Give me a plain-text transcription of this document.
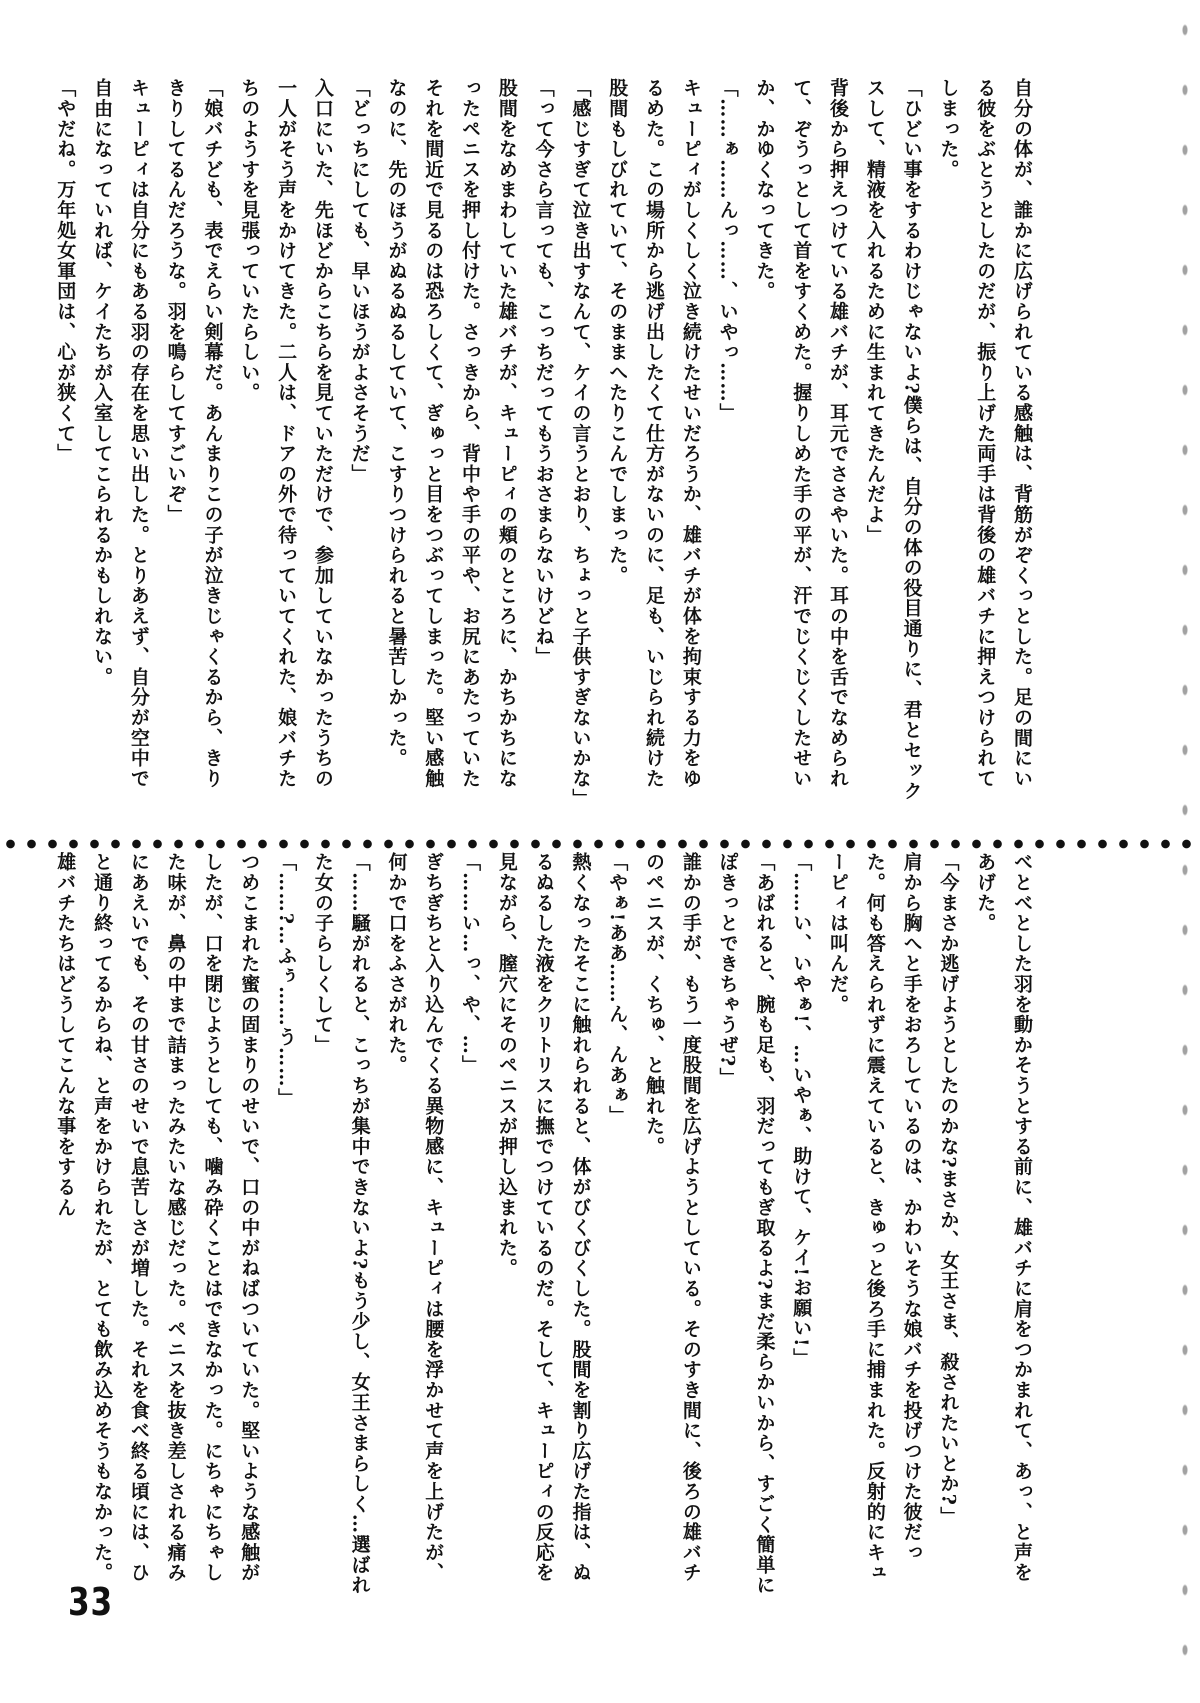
自分の体が、誰かに広げられている感触は、背筋がぞくっとした。足の間にいる彼をぶとうとしたのだが、振り上げた両手は背後の雄バチに押えつけられてしまった。

「ひどい事をするわけじゃないよ?僕らは、自分の体の役目通りに、君とセックスして、精液を入れるために生まれてきたんだよ」

背後から押えつけている雄バチが、耳元でささやいた。耳の中を舌でなめられて、ぞうっとして首をすくめた。握りしめた手の平が、汗でじくじくしたせいか、かゆくなってきた。

「……ぁ……んっ……、いやっ……」

キューピィがしくしく泣き続けたせいだろうか、雄バチが体を拘束する力をゆるめた。この場所から逃げ出したくて仕方がないのに、足も、いじられ続けた股間もしびれていて、そのままへたりこんでしまった。

「感じすぎて泣き出すなんて、ケイの言うとおり、ちょっと子供すぎないかな」

「って今さら言っても、こっちだってもうおさまらないけどね」

股間をなめまわしていた雄バチが、キューピィの頬のところに、かちかちになったペニスを押し付けた。さっきから、背中や手の平や、お尻にあたっていたそれを間近で見るのは恐ろしくて、ぎゅっと目をつぶってしまった。堅い感触なのに、先のほうがぬるぬるしていて、こすりつけられると暑苦しかった。

「どっちにしても、早いほうがよさそうだ」

入口にいた、先ほどからこちらを見ていただけで、参加していなかったうちの一人がそう声をかけてきた。二人は、ドアの外で待っていてくれた、娘バチたちのようすを見張っていたらしい。

「娘バチども、表でえらい剣幕だ。あんまりこの子が泣きじゃくるから、きりきりしてるんだろうな。羽を鳴らしてすごいぞ」

キューピィは自分にもある羽の存在を思い出した。とりあえず、自分が空中で自由になっていれば、ケイたちが入室してこられるかもしれない。

「やだね。万年処女軍団は、心が狭くて」

べとべとした羽を動かそうとする前に、雄バチに肩をつかまれて、あっ、と声をあげた。

「今まさか逃げようとしたのかな?まさか、女王さま、殺されたいとか?」

肩から胸へと手をおろしているのは、かわいそうな娘バチを投げつけた彼だった。何も答えられずに震えていると、きゅっと後ろ手に捕まれた。反射的にキューピィは叫んだ。

「……い、いやぁ!、…いやぁ、助けて、ケイ!お願い!」

「あばれると、腕も足も、羽だってもぎ取るよ?まだ柔らかいから、すごく簡単にぽきっとできちゃうぜ?」

誰かの手が、もう一度股間を広げようとしている。そのすき間に、後ろの雄バチのペニスが、くちゅ、と触れた。

「やぁ!ああ……ん、んあぁ」

熱くなったそこに触れられると、体がびくびくした。股間を割り広げた指は、ぬるぬるした液をクリトリスに撫でつけているのだ。そして、キューピィの反応を見ながら、膣穴にそのペニスが押し込まれた。

「……い…っ、や、…」

ぎちぎちと入り込んでくる異物感に、キューピィは腰を浮かせて声を上げたが、何かで口をふさがれた。

「……騒がれると、こっちが集中できないよ?もう少し、女王さまらしく…選ばれた女の子らしくして」

「……?…ふぅ……う……」

つめこまれた蜜の固まりのせいで、口の中がねばついていた。堅いような感触がしたが、口を閉じようとしても、噛み砕くことはできなかった。にちゃにちゃした味が、鼻の中まで詰まったみたいな感じだった。ペニスを抜き差しされる痛みにあえいでも、その甘さのせいで息苦しさが増した。それを食べ終る頃には、ひと通り終ってるからね、と声をかけられたが、とても飲み込めそうもなかった。雄バチたちはどうしてこんな事をするん

33
